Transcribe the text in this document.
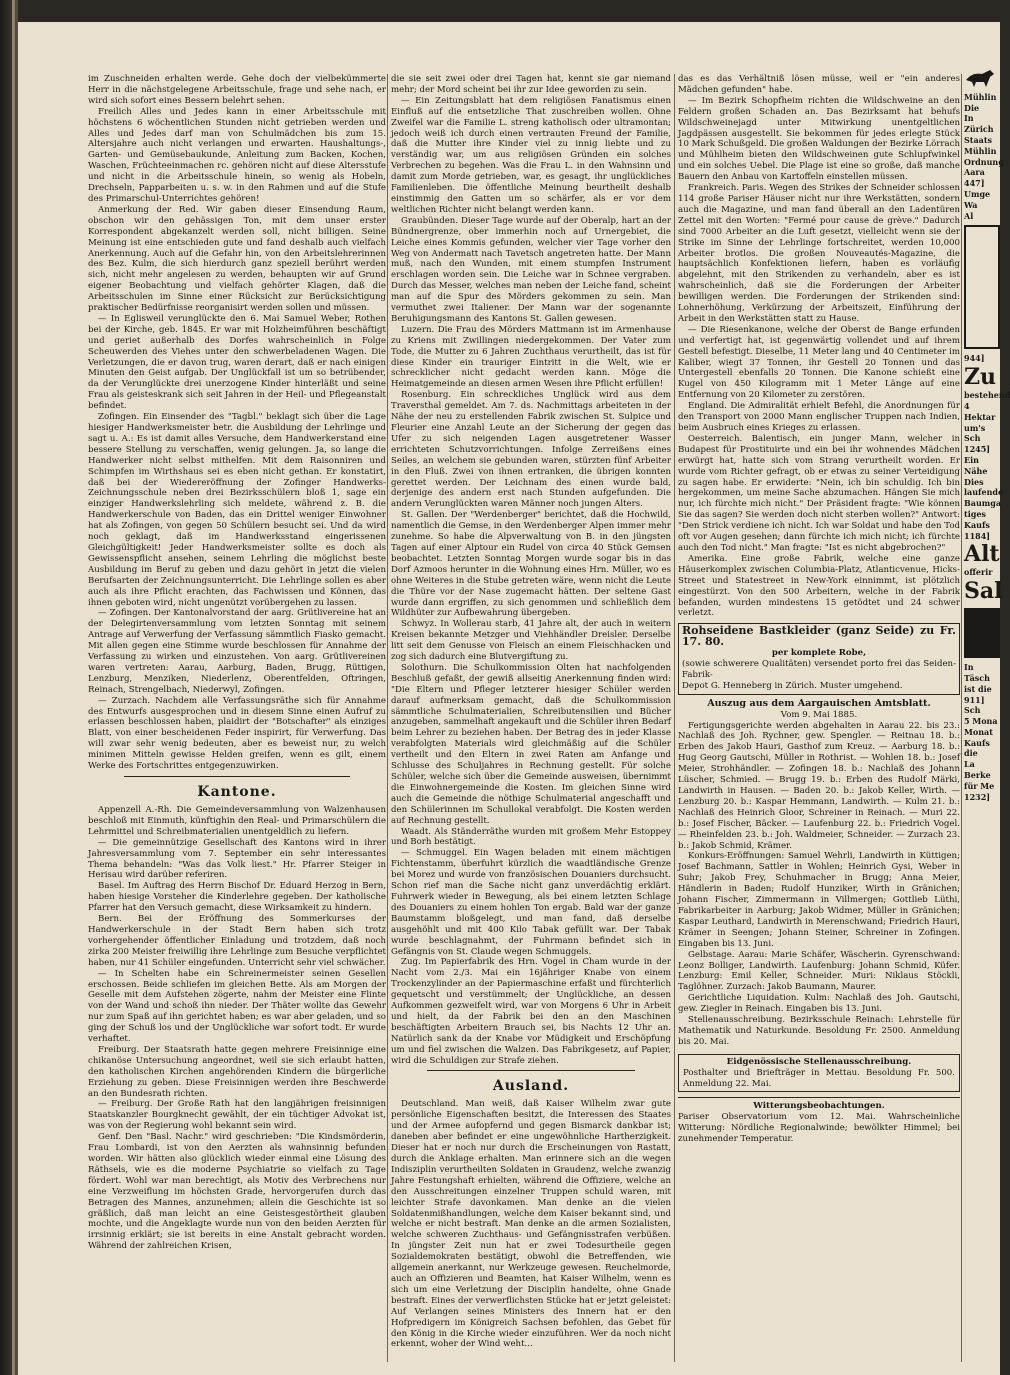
im Zuschneiden erhalten werde. Gehe doch der vielbekümmerte Herr in die nächstgelegene Arbeitsschule, frage und sehe nach, er wird sich sofort eines Bessern belehrt sehen.

Freilich Alles und Jedes kann in einer Arbeitsschule mit höchstens 6 wöchentlichen Stunden nicht getrieben werden und Alles und Jedes darf man von Schulmädchen bis zum 15. Altersjahre auch nicht verlangen und erwarten. Haushaltungs-, Garten- und Gemüsebaukunde, Anleitung zum Backen, Kochen, Waschen, Früchteeinmachen rc. gehören nicht auf diese Altersstufe und nicht in die Arbeitsschule hinein, so wenig als Hobeln, Drechseln, Papparbeiten u. s. w. in den Rahmen und auf die Stufe des Primarschul-Unterrichtes gehören!

Anmerkung der Red. Wir gaben dieser Einsendung Raum, obschon wir den gehässigen Ton, mit dem unser erster Korrespondent abgekanzelt werden soll, nicht billigen. Seine Meinung ist eine entschieden gute und fand deshalb auch vielfach Anerkennung. Auch auf die Gefahr hin, von den Arbeitslehrerinnen des Bez. Kulm, die sich hierdurch ganz speziell berührt werden sich, nicht mehr angelesen zu werden, behaupten wir auf Grund eigener Beobachtung und vielfach gehörter Klagen, daß die Arbeitsschulen im Sinne einer Rücksicht zur Berücksichtigung praktischer Bedürfnisse reorganisirt werden sollen und müssen.

— In Eglisweil verunglückte den 6. Mai Samuel Weber, Rothen bei der Kirche, geb. 1845. Er war mit Holzheimführen beschäftigt und geriet außerhalb des Dorfes wahrscheinlich in Folge Scheuwerden des Viehes unter den schwerbeladenen Wagen. Die Verletzungen, die er davon trug, waren derart, daß er nach einigen Minuten den Geist aufgab. Der Unglückfall ist um so betrübender, da der Verunglückte drei unerzogene Kinder hinterläßt und seine Frau als geisteskrank sich seit Jahren in der Heil- und Pflegeanstalt befindet.

Zofingen. Ein Einsender des "Tagbl." beklagt sich über die Lage hiesiger Handwerksmeister betr. die Ausbildung der Lehrlinge und sagt u. A.: Es ist damit alles Versuche, dem Handwerkerstand eine bessere Stellung zu verschaffen, wenig gelungen. Ja, so lange die Handwerker nicht selbst mithelfen. Mit dem Raisonniren und Schimpfen im Wirthshaus sei es eben nicht gethan. Er konstatirt, daß bei der Wiedereröffnung der Zofinger Handwerks-Zeichnungsschule neben drei Bezirksschülern bloß 1, sage ein einziger Handwerkslehrling sich meldete, während z. B. die Handwerkerschule von Baden, das ein Drittel weniger Einwohner hat als Zofingen, von gegen 50 Schülern besucht sei. Und da wird noch geklagt, daß im Handwerksstand eingerissenen Gleichgültigkeit! Jeder Handwerksmeister sollte es doch als Gewissenspflicht ansehen, seinem Lehrling die möglichst beste Ausbildung im Beruf zu geben und dazu gehört in jetzt die vielen Berufsarten der Zeichnungsunterricht. Die Lehrlinge sollen es aber auch als ihre Pflicht erachten, das Fachwissen und Können, das ihnen geboten wird, nicht ungenützt vorübergehen zu lassen.

— Zofingen. Der Kantonalvorstand der aarg. Grütlivereine hat an der Delegirtenversammlung vom letzten Sonntag mit seinem Antrage auf Verwerfung der Verfassung sämmtlich Fiasko gemacht. Mit allen gegen eine Stimme wurde beschlossen für Annahme der Verfassung zu wirken und einzustehen. Von aarg. Grütlivereinen waren vertreten: Aarau, Aarburg, Baden, Brugg, Rüttigen, Lenzburg, Menziken, Niederlenz, Oberentfelden, Oftringen, Reinach, Strengelbach, Niederwyl, Zofingen.

— Zurzach. Nachdem alle Verfassungsräthe sich für Annahme des Entwurfs ausgesprochen und in diesem Sinne einen Aufruf zu erlassen beschlossen haben, plaidirt der "Botschafter" als einziges Blatt, von einer bescheidenen Feder inspirirt, für Verwerfung. Das will zwar sehr wenig bedeuten, aber es beweist nur, zu welch minimen Mitteln gewisse Helden greifen, wenn es gilt, einem Werke des Fortschrittes entgegenzuwirken.

Kantone.

Appenzell A.-Rh. Die Gemeindeversammlung von Walzenhausen beschloß mit Einmuth, künftighin den Real- und Primarschülern die Lehrmittel und Schreibmaterialien unentgeldlich zu liefern.

— Die gemeinnützige Gesellschaft des Kantons wird in ihrer Jahresversammlung vom 7. September ein sehr interessantes Thema behandeln: "Was das Volk liest." Hr. Pfarrer Steiger in Herisau wird darüber referiren.

Basel. Im Auftrag des Herrn Bischof Dr. Eduard Herzog in Bern, haben hiesige Vorsteher die Kinderlehre gegeben. Der katholische Pfarrer hat den Versuch gemacht, diese Wirksamkeit zu hindern.

Bern. Bei der Eröffnung des Sommerkurses der Handwerkerschule in der Stadt Bern haben sich trotz vorhergehender öffentlicher Einladung und trotzdem, daß noch zirka 200 Meister freiwillig ihre Lehrlinge zum Besuche verpflichtet haben, nur 41 Schüler eingefunden. Unterricht sehr viel schwächer.

— In Schelten habe ein Schreinermeister seinen Gesellen erschossen. Beide schliefen im gleichen Bette. Als am Morgen der Geselle mit dem Aufstehen zögerte, nahm der Meister eine Flinte von der Wand und schoß ihn nieder. Der Thäter wollte das Gewehr nur zum Spaß auf ihn gerichtet haben; es war aber geladen, und so ging der Schuß los und der Unglückliche war sofort todt. Er wurde verhaftet.

Freiburg. Der Staatsrath hatte gegen mehrere Freisinnige eine chikanöse Untersuchung angeordnet, weil sie sich erlaubt hatten, den katholischen Kirchen angehörenden Kindern die bürgerliche Erziehung zu geben. Diese Freisinnigen werden ihre Beschwerde an den Bundesrath richten.

— Freiburg. Der Große Rath hat den langjährigen freisinnigen Staatskanzler Bourgknecht gewählt, der ein tüchtiger Advokat ist, was von der Regierung wohl bekannt sein wird.

Genf. Den "Basl. Nachr." wird geschrieben: "Die Kindsmörderin, Frau Lombardi, ist von den Aerzten als wahnsinnig befunden worden. Wir hätten also glücklich wieder einmal eine Lösung des Räthsels, wie es die moderne Psychiatrie so vielfach zu Tage fördert. Wohl war man berechtigt, als Motiv des Verbrechens nur eine Verzweiflung im höchsten Grade, hervorgerufen durch das Betragen des Mannes, anzunehmen; allein die Geschichte ist so gräßlich, daß man leicht an eine Geistesgestörtheit glauben mochte, und die Angeklagte wurde nun von den beiden Aerzten für irrsinnig erklärt; sie ist bereits in eine Anstalt gebracht worden. Während der zahlreichen Krisen,

die sie seit zwei oder drei Tagen hat, kennt sie gar niemand mehr; der Mord scheint bei ihr zur Idee geworden zu sein.

— Ein Zeitungsblatt hat dem religiösen Fanatismus einen Einfluß auf die entsetzliche That zuschreiben wollen. Ohne Zweifel war die Familie L. streng katholisch oder ultramontan; jedoch weiß ich durch einen vertrauten Freund der Familie, daß die Mutter ihre Kinder viel zu innig liebte und zu verständig war, um aus religiösen Gründen ein solches Verbrechen zu begehen. Was die Frau L. in den Wahnsinn und damit zum Morde getrieben, war, es gesagt, ihr unglückliches Familienleben. Die öffentliche Meinung beurtheilt deshalb einstimmig den Gatten um so schärfer, als er vor dem weltlichen Richter nicht belangt werden kann.

Graubünden. Dieser Tage wurde auf der Oberalp, hart an der Bündnergrenze, ober immerhin noch auf Urnergebiet, die Leiche eines Kommis gefunden, welcher vier Tage vorher den Weg von Andermatt nach Tavetsch angetreten hatte. Der Mann muß, nach den Wunden, mit einem stumpfen Instrument erschlagen worden sein. Die Leiche war in Schnee vergraben. Durch das Messer, welches man neben der Leiche fand, scheint man auf die Spur des Mörders gekommen zu sein. Man vermuthet zwei Italiener. Der Mann war der sogenannte Beruhigungsmann des Kantons St. Gallen gewesen.

Luzern. Die Frau des Mörders Mattmann ist im Armenhause zu Kriens mit Zwillingen niedergekommen. Der Vater zum Tode, die Mutter zu 6 Jahren Zuchthaus verurtheilt, das ist für diese Kinder ein trauriger Eintritt in die Welt, wie er schrecklicher nicht gedacht werden kann. Möge die Heimatgemeinde an diesen armen Wesen ihre Pflicht erfüllen!

Rosenburg. Ein schreckliches Unglück wird aus dem Traversthal gemeldet. Am 7. ds. Nachmittags arbeiteten in der Nähe der neu zu erstellenden Fabrik zwischen St. Sulpice und Fleurier eine Anzahl Leute an der Sicherung der gegen das Ufer zu sich neigenden Lagen ausgetretener Wasser errichteten Schutzvorrichtungen. Infolge Zerreißens eines Seiles, an welchem sie gebunden waren, stürzten fünf Arbeiter in den Fluß. Zwei von ihnen ertranken, die übrigen konnten gerettet werden. Der Leichnam des einen wurde bald, derjenige des andern erst nach Stunden aufgefunden. Die andern Verunglückten waren Männer noch jungen Alters.

St. Gallen. Der "Werdenberger" berichtet, daß die Hochwild, namentlich die Gemse, in den Werdenberger Alpen immer mehr zunehme. So habe die Alpverwaltung von B. in den jüngsten Tagen auf einer Alptour ein Rudel von circa 40 Stück Gemsen beobachtet. Letzten Sonntag Morgen wurde sogar bis in das Dorf Azmoos herunter in die Wohnung eines Hrn. Müller, wo es ohne Weiteres in die Stube getreten wäre, wenn nicht die Leute die Thüre vor der Nase zugemacht hätten. Der seltene Gast wurde dann ergriffen, zu sich genommen und schließlich dem Wildhüter zur Aufbewahrung übergeben.

Schwyz. In Wollerau starb, 41 Jahre alt, der auch in weitern Kreisen bekannte Metzger und Viehhändler Dreisler. Derselbe litt seit dem Genusse von Fleisch an einem Fleischhacken und zog sich dadurch eine Blutvergiftung zu.

Solothurn. Die Schulkommission Olten hat nachfolgenden Beschluß gefaßt, der gewiß allseitig Anerkennung finden wird: "Die Eltern und Pfleger letzterer hiesiger Schüler werden darauf aufmerksam gemacht, daß die Schulkommission sämmtliche Schulmaterialien, Schreibutensilien und Bücher anzugeben, sammelhaft angekauft und die Schüler ihren Bedarf beim Lehrer zu beziehen haben. Der Betrag des in jeder Klasse verabfolgten Materials wird gleichmäßig auf die Schüler vertheilt und den Eltern in zwei Raten am Anfange und Schlusse des Schuljahres in Rechnung gestellt. Für solche Schüler, welche sich über die Gemeinde ausweisen, übernimmt die Einwohnergemeinde die Kosten. Im gleichen Sinne wird auch die Gemeinde die nöthige Schulmaterial angeschafft und den Schülerinnen im Schullokal verabfolgt. Die Kosten werden auf Rechnung gestellt.

Waadt. Als Ständerräthe wurden mit großem Mehr Estoppey und Borh bestätigt.

— Schmuggel. Ein Wagen beladen mit einem mächtigen Fichtenstamm, überfuhrt kürzlich die waadtländische Grenze bei Morez und wurde von französischen Douaniers durchsucht. Schon rief man die Sache nicht ganz unverdächtig erklärt. Fuhrwerk wieder in Bewegung, als bei einem letzten Schlage des Douaniers zu einem hohlen Ton ergab. Bald war der ganze Baumstamm bloßgelegt, und man fand, daß derselbe ausgehöhlt und mit 400 Kilo Tabak gefüllt war. Der Tabak wurde beschlagnahmt, der Fuhrmann befindet sich in Gefängnis von St. Claude wegen Schmuggels.

Zug. Im Papierfabrik des Hrn. Vogel in Cham wurde in der Nacht vom 2./3. Mai ein 16jähriger Knabe von einem Trockenzylinder an der Papiermaschine erfaßt und fürchterlich gequetscht und verstümmelt; der Unglückliche, an dessen Aufkommen gezweifelt wird, war von Morgens 6 Uhr in Arbeit und hielt, da der Fabrik bei den an den Maschinen beschäftigten Arbeitern Brauch sei, bis Nachts 12 Uhr an. Natürlich sank da der Knabe vor Müdigkeit und Erschöpfung um und fiel zwischen die Walzen. Das Fabrikgesetz, auf Papier, wird die Schuldigen zur Strafe ziehen.

Ausland.

Deutschland. Man weiß, daß Kaiser Wilhelm zwar gute persönliche Eigenschaften besitzt, die Interessen des Staates und der Armee aufopfernd und gegen Bismarck dankbar ist; daneben aber befindet er eine ungewöhnliche Hartherzigkeit. Dieser hat er noch nur durch die Erscheinungen von Rastatt, durch die Anklage erhalten. Man erinnere sich an die wegen Indisziplin verurtheilten Soldaten in Graudenz, welche zwanzig Jahre Festungshaft erhielten, während die Offiziere, welche an den Ausschreitungen einzelner Truppen schuld waren, mit leichter Strafe davonkamen. Man denke an die vielen Soldatenmißhandlungen, welche dem Kaiser bekannt sind, und welche er nicht bestraft. Man denke an die armen Sozialisten, welche schweren Zuchthaus- und Gefängnisstrafen verbüßen. In jüngster Zeit nun hat er zwei Todesurtheile gegen Sozialdemokraten bestätigt, obwohl die Betreffenden, wie allgemein anerkannt, nur Werkzeuge gewesen. Reuchelmorde, auch an Offizieren und Beamten, hat Kaiser Wilhelm, wenn es sich um eine Verletzung der Disciplin handelte, ohne Gnade bestraft. Eines der verwerflichsten Stücke hat er jetzt geleistet: Auf Verlangen seines Ministers des Innern hat er den Hofpredigern im Königreich Sachsen befohlen, das Gebet für den König in die Kirche wieder einzuführen. Wer da noch nicht erkennt, woher der Wind weht...

das es das Verhältniß lösen müsse, weil er "ein anderes Mädchen gefunden" habe.

— Im Bezirk Schopfheim richten die Wildschweine an den Feldern großen Schaden an. Das Bezirksamt hat behufs Wildschweinejagd unter Mitwirkung unentgeltlichen Jagdpässen ausgestellt. Sie bekommen für jedes erlegte Stück 10 Mark Schußgeld. Die großen Waldungen der Bezirke Lörrach und Mühlheim bieten den Wildschweinen gute Schlupfwinkel und ein solches Uebel. Die Plage ist eine so große, daß manche Bauern den Anbau von Kartoffeln einstellen müssen.

Frankreich. Paris. Wegen des Strikes der Schneider schlossen 114 große Pariser Häuser nicht nur ihre Werkstätten, sondern auch die Magazine, und man fand überall an den Ladentüren Zettel mit den Worten: "Fermé pour cause de grève." Dadurch sind 7000 Arbeiter an die Luft gesetzt, vielleicht wenn sie der Strike im Sinne der Lehrlinge fortschreitet, werden 10,000 Arbeiter brotlos. Die großen Nouveautés-Magazine, die hauptsächlich Konfektionen liefern, haben es vorläufig abgelehnt, mit den Strikenden zu verhandeln, aber es ist wahrscheinlich, daß sie die Forderungen der Arbeiter bewilligen werden. Die Forderungen der Strikenden sind: Lohnerhöhung, Verkürzung der Arbeitszeit, Einführung der Arbeit in den Werkstätten statt zu Hause.

— Die Riesenkanone, welche der Oberst de Bange erfunden und verfertigt hat, ist gegenwärtig vollendet und auf ihrem Gestell befestigt. Dieselbe, 11 Meter lang und 40 Centimeter im Kaliber, wiegt 37 Tonnen, ihr Gestell 20 Tonnen und das Untergestell ebenfalls 20 Tonnen. Die Kanone schießt eine Kugel von 450 Kilogramm mit 1 Meter Länge auf eine Entfernung von 20 Kilometer zu zerstören.

England. Die Admiralität erhielt Befehl, die Anordnungen für den Transport von 2000 Mann englischer Truppen nach Indien, beim Ausbruch eines Krieges zu erlassen.

Oesterreich. Balentisch, ein junger Mann, welcher in Budapest für Prostituirte und ein bei ihr wohnendes Mädchen erwürgt hat, hatte sich vom Strang verurtheilt worden. Er wurde vom Richter gefragt, ob er etwas zu seiner Verteidigung zu sagen habe. Er erwiderte: "Nein, ich bin schuldig. Ich bin hergekommen, um meine Sache abzumachen. Hängen Sie mich nur, ich fürchte mich nicht." Der Präsident fragte: "Wie können Sie das sagen? Sie werden doch nicht sterben wollen?" Antwort: "Den Strick verdiene ich nicht. Ich war Soldat und habe den Tod oft vor Augen gesehen; dann fürchte ich mich nicht; ich fürchte auch den Tod nicht." Man fragte: "Ist es nicht abgebrochen?"

Amerika. Eine große Fabrik, welche eine ganze Häuserkomplex zwischen Columbia-Platz, Atlanticvenue, Hicks-Street und Statestreet in New-York einnimmt, ist plötzlich eingestürzt. Von den 500 Arbeitern, welche in der Fabrik befanden, wurden mindestens 15 getödtet und 24 schwer verletzt.

Rohseidene Bastkleider (ganz Seide) zu Fr. 17. 80.
per komplete Robe,
(sowie schwerere Qualitäten) versendet porto frei das Seiden-Fabrik-
Depot G. Henneberg in Zürich. Muster umgehend.
Auszug aus dem Aargauischen Amtsblatt.
Vom 9. Mai 1885.

Fertigungsgerichte werden abgehalten in Aarau 22. bis 23.: Nachlaß des Joh. Rychner, gew. Spengler. — Reitnau 18. b.: Erben des Jakob Hauri, Gasthof zum Kreuz. — Aarburg 18. b.: Hug Georg Gautschi, Müller in Rothrist. — Wohlen 18. b.: Josef Meier, Strohhändler. — Zofingen 18. b.: Nachlaß des Johann Lüscher, Schmied. — Brugg 19. b.: Erben des Rudolf Märki, Landwirth in Hausen. — Baden 20. b.: Jakob Keller, Wirth. — Lenzburg 20. b.: Kaspar Hemmann, Landwirth. — Kulm 21. b.: Nachlaß des Heinrich Gloor, Schreiner in Reinach. — Muri 22. b.: Josef Fischer, Bäcker. — Laufenburg 22. b.: Friedrich Vogel. — Rheinfelden 23. b.: Joh. Waldmeier, Schneider. — Zurzach 23. b.: Jakob Schmid, Krämer.

Konkurs-Eröffnungen: Samuel Wehrli, Landwirth in Küttigen; Josef Bachmann, Sattler in Wohlen; Heinrich Gysi, Weber in Suhr; Jakob Frey, Schuhmacher in Brugg; Anna Meier, Händlerin in Baden; Rudolf Hunziker, Wirth in Gränichen; Johann Fischer, Zimmermann in Villmergen; Gottlieb Lüthi, Fabrikarbeiter in Aarburg; Jakob Widmer, Müller in Gränichen; Kaspar Leuthard, Landwirth in Merenschwand; Friedrich Hauri, Krämer in Seengen; Johann Steiner, Schreiner in Zofingen. Eingaben bis 13. Juni.

Gelbstage. Aarau: Marie Schäfer, Wäscherin. Gyrenschwand: Leonz Bolliger, Landwirth. Laufenburg: Johann Schmid, Küfer. Lenzburg: Emil Keller, Schneider. Muri: Niklaus Stöckli, Taglöhner. Zurzach: Jakob Baumann, Maurer.

Gerichtliche Liquidation. Kulm: Nachlaß des Joh. Gautschi, gew. Ziegler in Reinach. Eingaben bis 13. Juni.

Stellenausschreibung. Bezirksschule Reinach: Lehrstelle für Mathematik und Naturkunde. Besoldung Fr. 2500. Anmeldung bis 20. Mai.

Eidgenössische Stellenausschreibung.
Posthalter und Briefträger in Mettau. Besoldung Fr. 500. Anmeldung 22. Mai.
Witterungsbeobachtungen.

Pariser Observatorium vom 12. Mai. Wahrscheinliche Witterung: Nördliche Regionalwinde; bewölkter Himmel; bei zunehmender Temperatur.

Mühlin
Die
In Zürich
Staats
Mühlin
Ordnung
Aara
447]
Umge
Wa
Al
944]
Zu
bestehend
4 Hektar
um's
Sch
1245]
Ein
Nähe
Dies
laufende
Baumga
tiges
Kaufs
1184]
Alt
offerir
Sal
In Täsch
ist die
911]
Sch
5 Mona
Monat
Kaufs
die
La
Berke
für Me
1232]
